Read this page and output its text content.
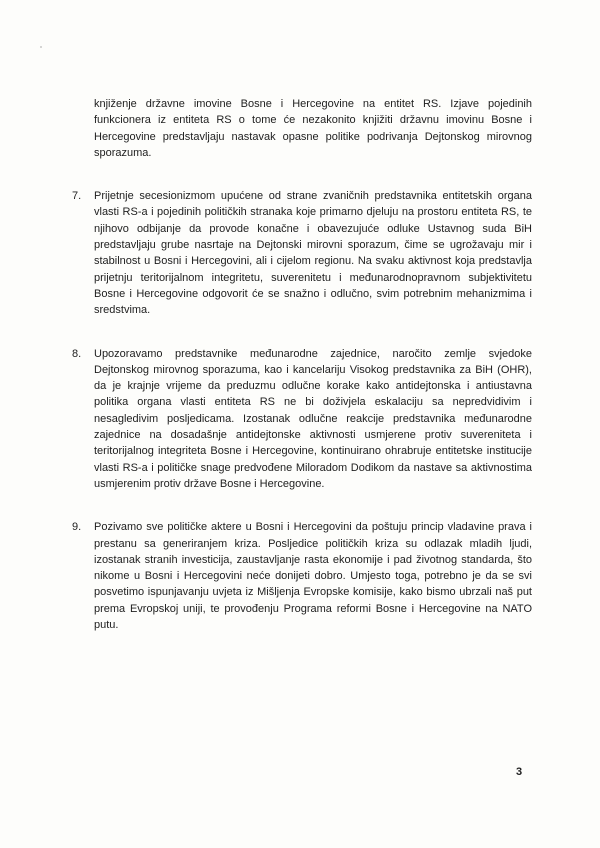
knjiženje državne imovine Bosne i Hercegovine na entitet RS. Izjave pojedinih funkcionera iz entiteta RS o tome će nezakonito knjižiti državnu imovinu Bosne i Hercegovine predstavljaju nastavak opasne politike podrivanja Dejtonskog mirovnog sporazuma.

7.	Prijetnje secesionizmom upućene od strane zvaničnih predstavnika entitetskih organa vlasti RS-a i pojedinih političkih stranaka koje primarno djeluju na prostoru entiteta RS, te njihovo odbijanje da provode konačne i obavezujuće odluke Ustavnog suda BiH predstavljaju grube nasrtaje na Dejtonski mirovni sporazum, čime se ugrožavaju mir i stabilnost u Bosni i Hercegovini, ali i cijelom regionu. Na svaku aktivnost koja predstavlja prijetnju teritorijalnom integritetu, suverenitetu i međunarodnopravnom subjektivitetu Bosne i Hercegovine odgovorit će se snažno i odlučno, svim potrebnim mehanizmima i sredstvima.
8.	Upozoravamo predstavnike međunarodne zajednice, naročito zemlje svjedoke Dejtonskog mirovnog sporazuma, kao i kancelariju Visokog predstavnika za BiH (OHR), da je krajnje vrijeme da preduzmu odlučne korake kako antidejtonska i antiustavna politika organa vlasti entiteta RS ne bi doživjela eskalaciju sa nepredvidivim i nesagledivim posljedicama. Izostanak odlučne reakcije predstavnika međunarodne zajednice na dosadašnje antidejtonske aktivnosti usmjerene protiv suvereniteta i teritorijalnog integriteta Bosne i Hercegovine, kontinuirano ohrabruje entitetske institucije vlasti RS-a i političke snage predvođene Miloradom Dodikom da nastave sa aktivnostima usmjerenim protiv države Bosne i Hercegovine.
9.	Pozivamo sve političke aktere u Bosni i Hercegovini da poštuju princip vladavine prava i prestanu sa generiranjem kriza. Posljedice političkih kriza su odlazak mladih ljudi, izostanak stranih investicija, zaustavljanje rasta ekonomije i pad životnog standarda, što nikome u Bosni i Hercegovini neće donijeti dobro. Umjesto toga, potrebno je da se svi posvetimo ispunjavanju uvjeta iz Mišljenja Evropske komisije, kako bismo ubrzali naš put prema Evropskoj uniji, te provođenju Programa reformi Bosne i Hercegovine na NATO putu.
3
